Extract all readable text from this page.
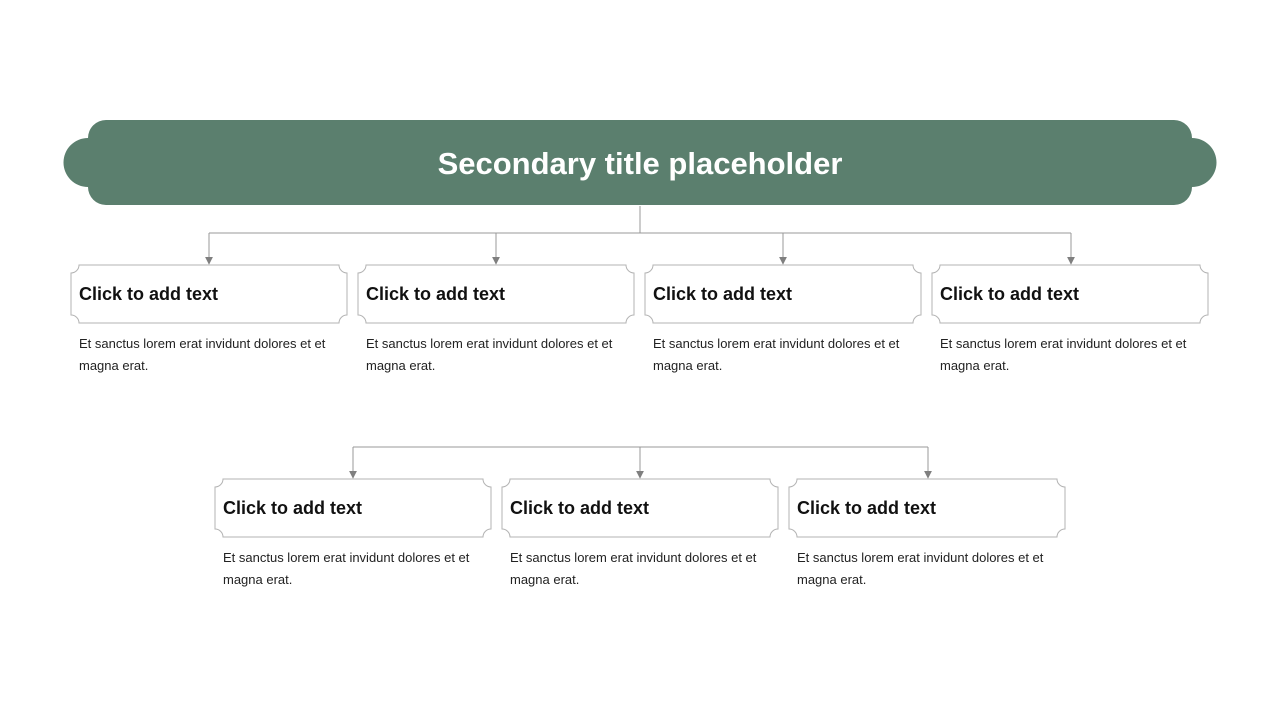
Secondary title placeholder
Click to add text	Click to add text	Click to add text	Click to add text
Et sanctus lorem erat invidunt dolores et et magna erat.
Et sanctus lorem erat invidunt dolores et et magna erat.
Et sanctus lorem erat invidunt dolores et et magna erat.
Et sanctus lorem erat invidunt dolores et et magna erat.
Click to add text	Click to add text	Click to add text
Et sanctus lorem erat invidunt dolores et et magna erat.
Et sanctus lorem erat invidunt dolores et et magna erat.
Et sanctus lorem erat invidunt dolores et et magna erat.
